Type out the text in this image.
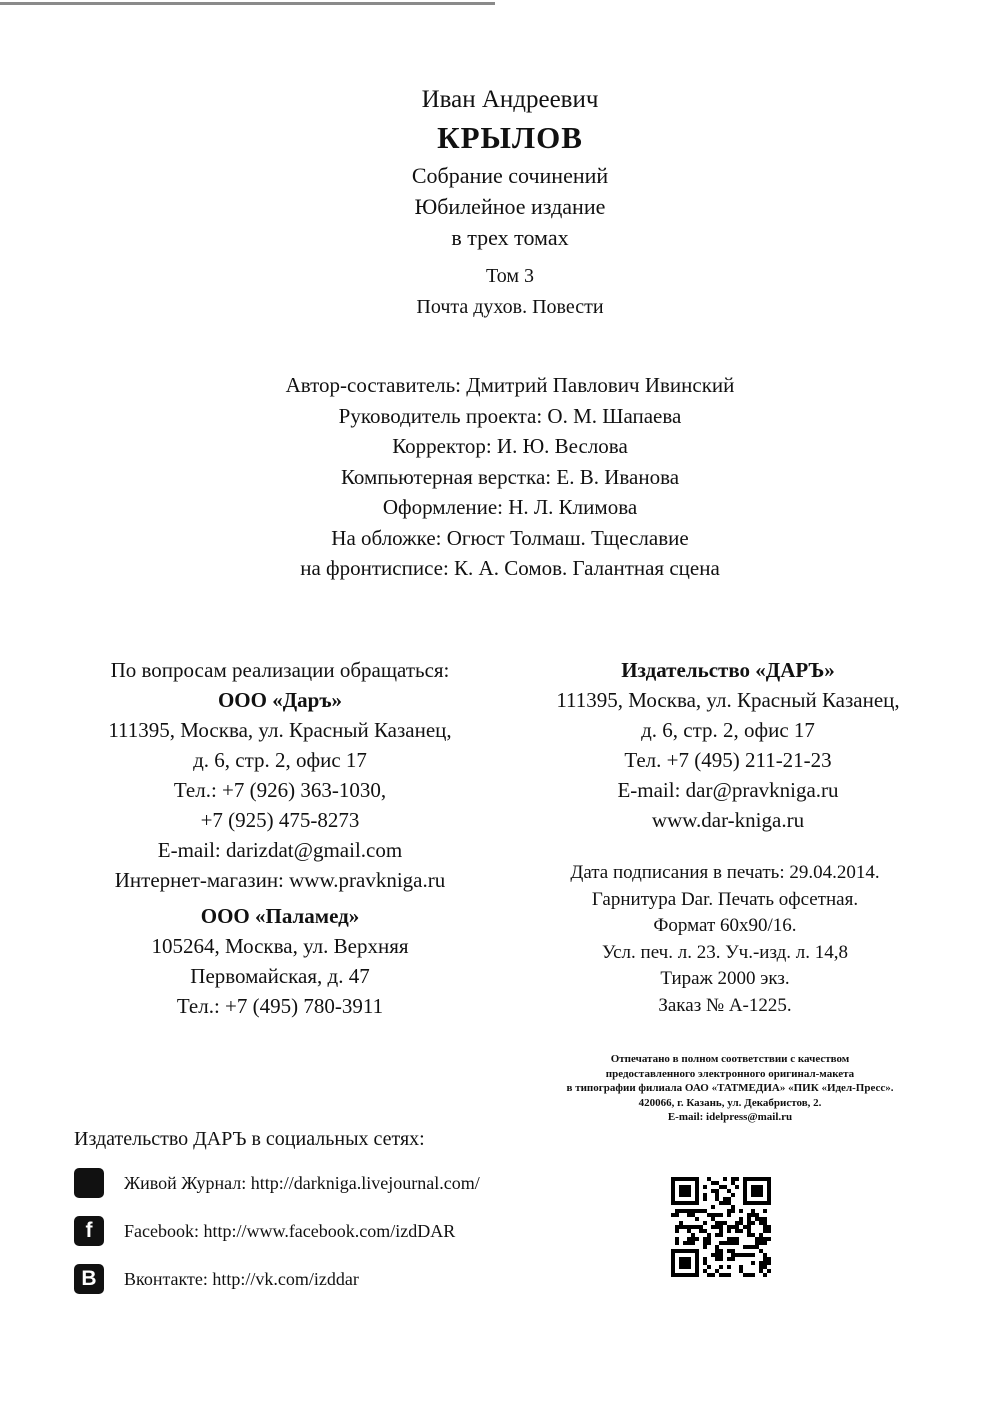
Иван Андреевич
КРЫЛОВ
Собрание сочинений
Юбилейное издание
в трех томах
Том 3
Почта духов. Повести
Автор-составитель: Дмитрий Павлович Ивинский
Руководитель проекта: О. М. Шапаева
Корректор: И. Ю. Веслова
Компьютерная верстка: Е. В. Иванова
Оформление: Н. Л. Климова
На обложке: Огюст Толмаш. Тщеславие
на фронтисписе: К. А. Сомов. Галантная сцена
По вопросам реализации обращаться:
ООО «Даръ»
111395, Москва, ул. Красный Казанец,
д. 6, стр. 2, офис 17
Тел.: +7 (926) 363-1030,
+7 (925) 475-8273
E-mail: darizdat@gmail.com
Интернет-магазин: www.pravkniga.ru
ООО «Паламед»
105264, Москва, ул. Верхняя
Первомайская, д. 47
Тел.: +7 (495) 780-3911
Издательство «ДАРЪ»
111395, Москва, ул. Красный Казанец,
д. 6, стр. 2, офис 17
Тел. +7 (495) 211-21-23
E-mail: dar@pravkniga.ru
www.dar-kniga.ru
Дата подписания в печать: 29.04.2014.
Гарнитура Dar. Печать офсетная.
Формат 60x90/16.
Усл. печ. л. 23. Уч.-изд. л. 14,8
Тираж 2000 экз.
Заказ № А-1225.
Отпечатано в полном соответствии с качеством
предоставленного электронного оригинал-макета
в типографии филиала ОАО «ТАТМЕДИА» «ПИК «Идел-Пресс».
420066, г. Казань, ул. Декабристов, 2.
E-mail: idelpress@mail.ru
Издательство ДАРЪ в социальных сетях:
Живой Журнал: http://darkniga.livejournal.com/
f	Facebook: http://www.facebook.com/izdDAR
B	Вконтакте: http://vk.com/izddar
